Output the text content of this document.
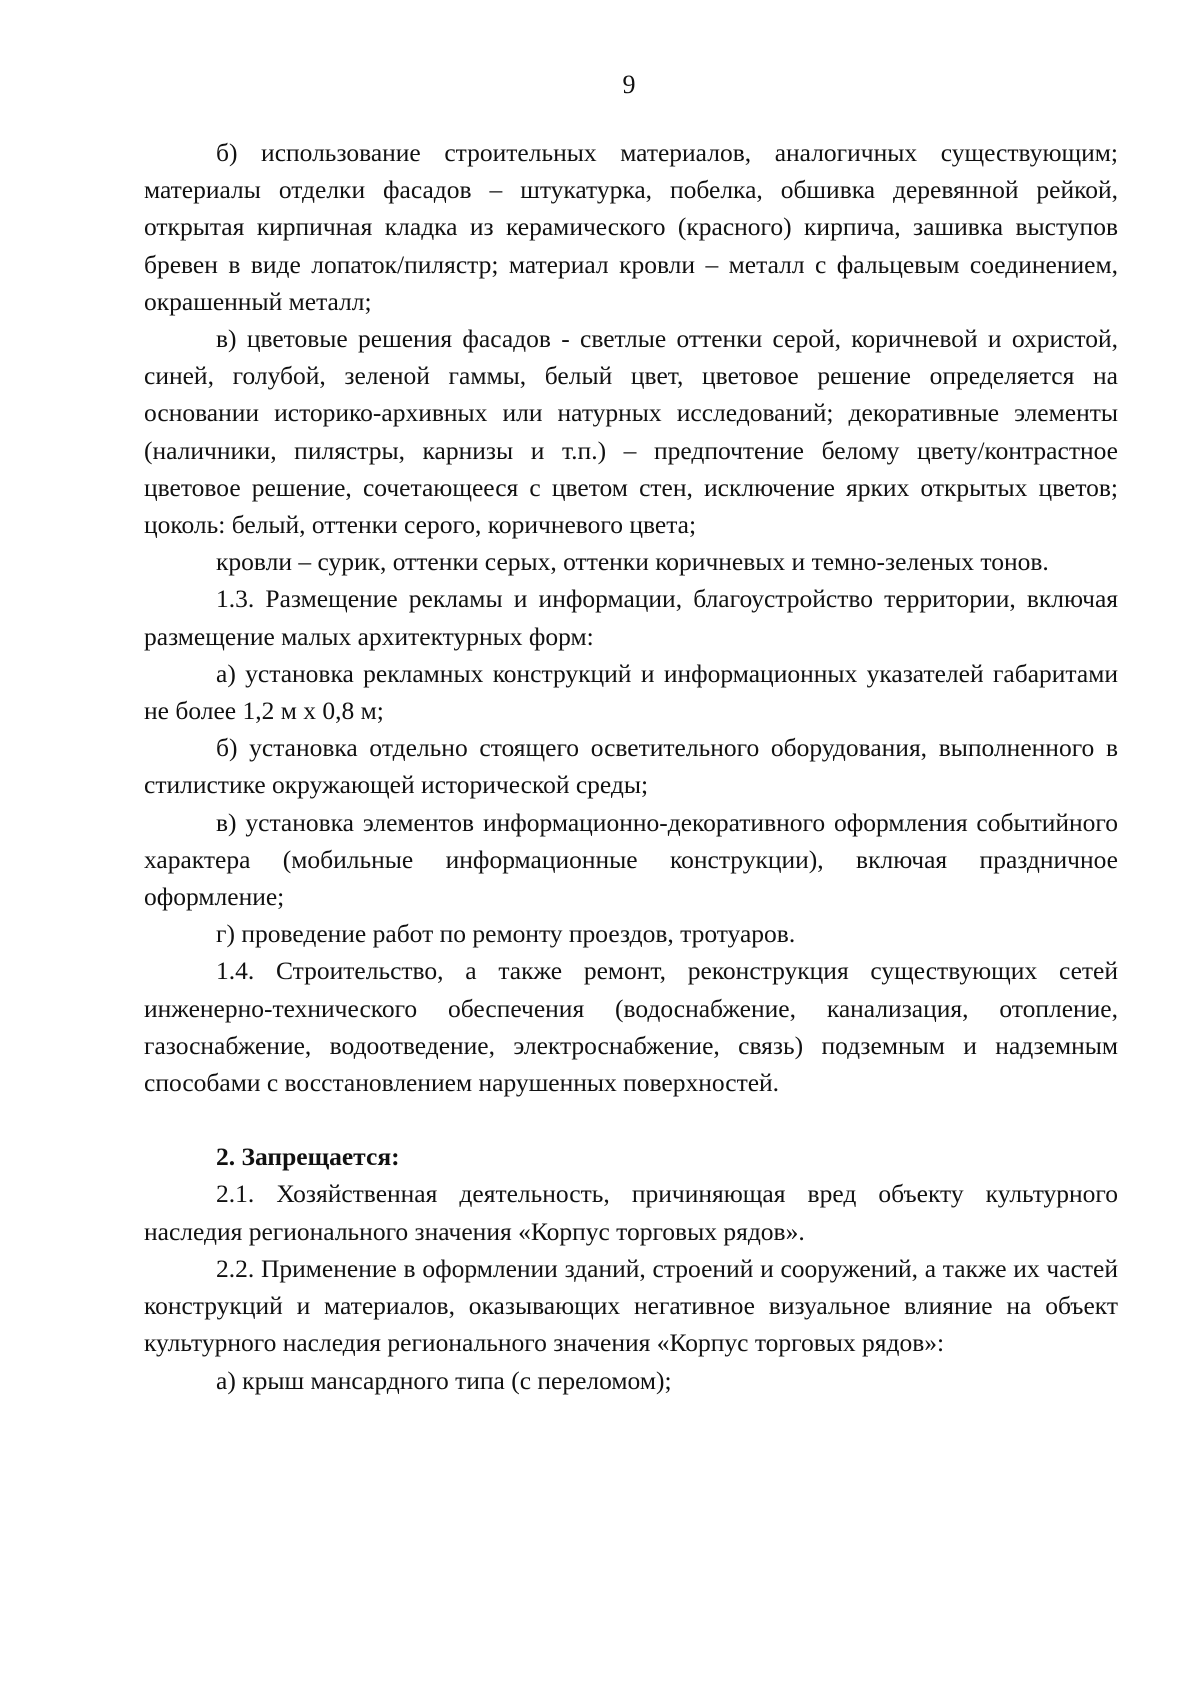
9

б) использование строительных материалов, аналогичных существующим; материалы отделки фасадов – штукатурка, побелка, обшивка деревянной рейкой, открытая кирпичная кладка из керамического (красного) кирпича, зашивка выступов бревен в виде лопаток/пилястр; материал кровли – металл с фальцевым соединением, окрашенный металл;

в) цветовые решения фасадов - светлые оттенки серой, коричневой и охристой, синей, голубой, зеленой гаммы, белый цвет, цветовое решение определяется на основании историко-архивных или натурных исследований; декоративные элементы (наличники, пилястры, карнизы и т.п.) – предпочтение белому цвету/контрастное цветовое решение, сочетающееся с цветом стен, исключение ярких открытых цветов; цоколь: белый, оттенки серого, коричневого цвета;

кровли – сурик, оттенки серых, оттенки коричневых и темно-зеленых тонов.

1.3. Размещение рекламы и информации, благоустройство территории, включая размещение малых архитектурных форм:

а) установка рекламных конструкций и информационных указателей габаритами не более 1,2 м х 0,8 м;

б) установка отдельно стоящего осветительного оборудования, выполненного в стилистике окружающей исторической среды;

в) установка элементов информационно-декоративного оформления событийного характера (мобильные информационные конструкции), включая праздничное оформление;

г) проведение работ по ремонту проездов, тротуаров.

1.4. Строительство, а также ремонт, реконструкция существующих сетей инженерно-технического обеспечения (водоснабжение, канализация, отопление, газоснабжение, водоотведение, электроснабжение, связь) подземным и надземным способами с восстановлением нарушенных поверхностей.

2. Запрещается:

2.1. Хозяйственная деятельность, причиняющая вред объекту культурного наследия регионального значения «Корпус торговых рядов».

2.2. Применение в оформлении зданий, строений и сооружений, а также их частей конструкций и материалов, оказывающих негативное визуальное влияние на объект культурного наследия регионального значения «Корпус торговых рядов»:

а) крыш мансардного типа (с переломом);
